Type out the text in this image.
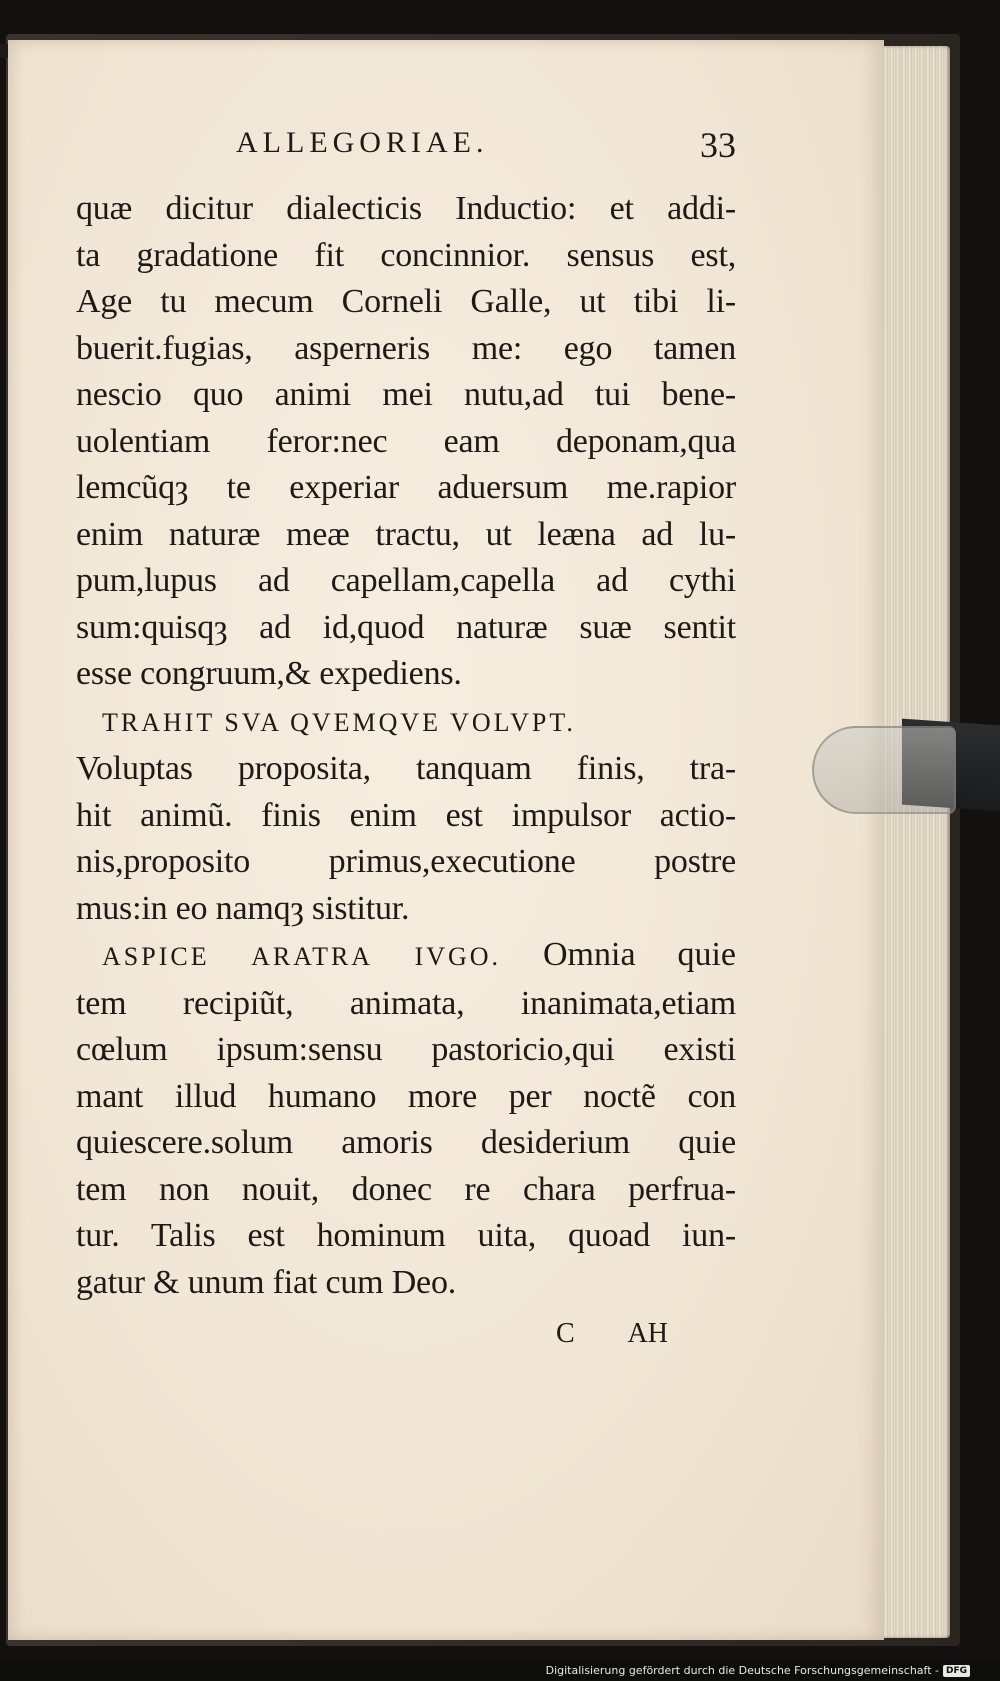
ALLEGORIAE.	33
quæ dicitur dialecticis Inductio: et addi-
ta gradatione fit concinnior. sensus est,
Age tu mecum Corneli Galle, ut tibi li-
buerit.fugias, asperneris me: ego tamen
nescio quo animi mei nutu,ad tui bene-
uolentiam feror:nec eam deponam,qua
lemcũqȝ te experiar aduersum me.rapior
enim naturæ meæ tractu, ut leæna ad lu-
pum,lupus ad capellam,capella ad cythi
sum:quisqȝ ad id,quod naturæ suæ sentit
esse congruum,& expediens.
TRAHIT SVA QVEMQVE VOLVPT.
Voluptas proposita, tanquam finis, tra-
hit animũ. finis enim est impulsor actio-
nis,proposito primus,executione postre
mus:in eo namqȝ sistitur.
ASPICE ARATRA IVGO. Omnia quie
tem recipiũt, animata, inanimata,etiam
cœlum ipsum:sensu pastoricio,qui existi
mant illud humano more per noctẽ con
quiescere.solum amoris desiderium quie
tem non nouit, donec re chara perfrua-
tur. Talis est hominum uita, quoad iun-
gatur & unum fiat cum Deo.
C AH
Digitalisierung gefördert durch die Deutsche Forschungsgemeinschaft - DFG
